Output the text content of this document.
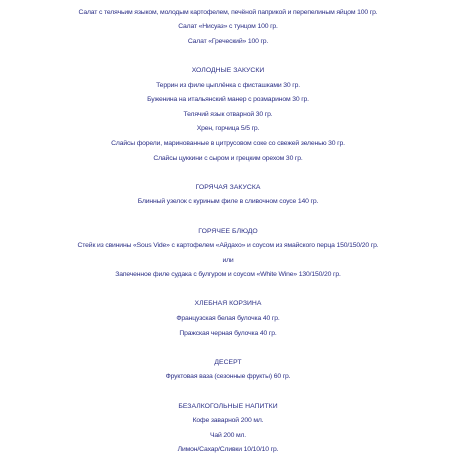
Салат с телячьим языком, молодым картофелем, печёной паприкой и перепелиным яйцом 100 гр.
Салат «Нисуаз» с тунцом 100 гр.
Салат «Греческий» 100 гр.
ХОЛОДНЫЕ ЗАКУСКИ
Террин из филе цыплёнка с фисташками 30 гр.
Буженина на итальянский манер с розмарином 30 гр.
Телячий язык отварной 30 гр.
Хрен, горчица 5/5 гр.
Слайсы форели, маринованные в цитрусовом соке со свежей зеленью 30 гр.
Слайсы цуккини с сыром и грецким орехом 30 гр.
ГОРЯЧАЯ ЗАКУСКА
Блинный узелок с куриным филе в сливочном соусе 140 гр.
ГОРЯЧЕЕ БЛЮДО
Стейк из свинины «Sous Vide» с картофелем «Айдахо» и соусом из ямайского перца 150/150/20 гр.
или
Запеченное филе судака с булгуром и соусом «White Wine» 130/150/20 гр.
ХЛЕБНАЯ КОРЗИНА
Французская белая булочка 40 гр.
Пражская черная булочка 40 гр.
ДЕСЕРТ
Фруктовая ваза (сезонные фрукты) 60 гр.
БЕЗАЛКОГОЛЬНЫЕ НАПИТКИ
Кофе заварной 200 мл.
Чай 200 мл.
Лимон/Сахар/Сливки 10/10/10 гр.
